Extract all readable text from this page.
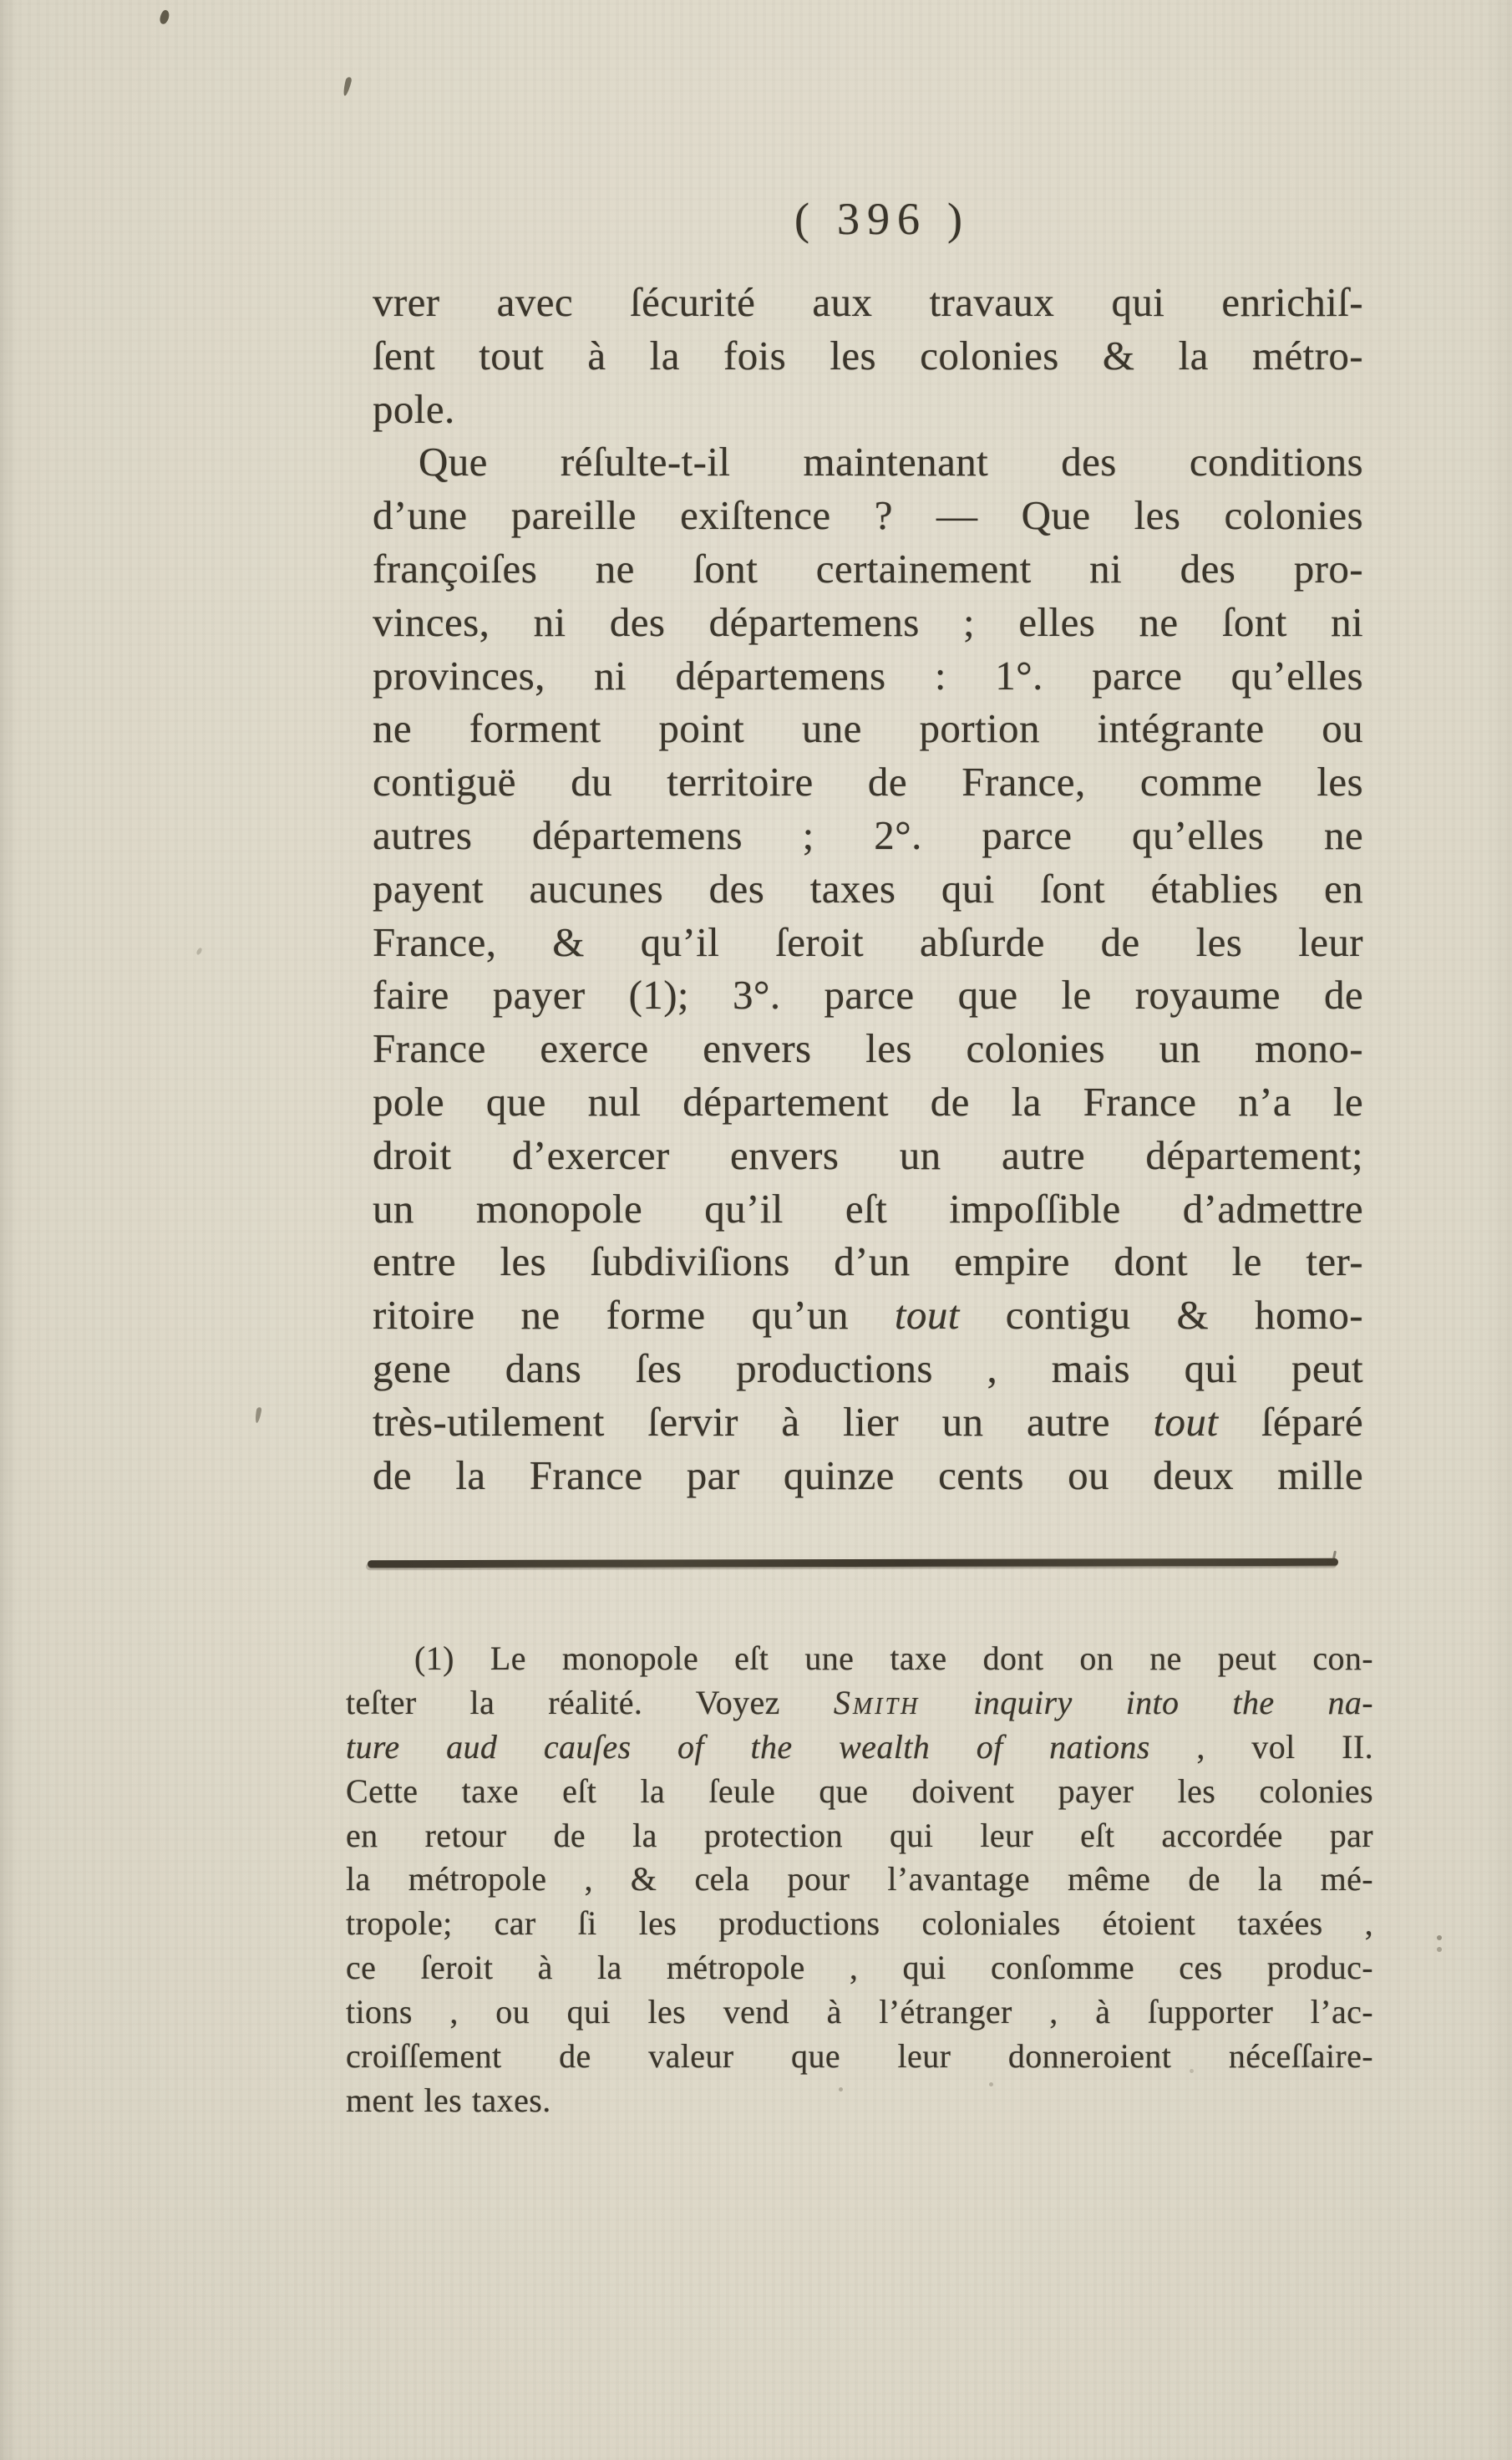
( 396 )
vrer avec ſécurité aux travaux qui enrichiſ-
ſent tout à la fois les colonies & la métro-
pole.
Que réſulte-t-il maintenant des conditions
d’une pareille exiſtence ? — Que les colonies
françoiſes ne ſont certainement ni des pro-
vinces, ni des départemens ; elles ne ſont ni
provinces, ni départemens : 1°. parce qu’elles
ne forment point une portion intégrante ou
contiguë du territoire de France, comme les
autres départemens ; 2°. parce qu’elles ne
payent aucunes des taxes qui ſont établies en
France, & qu’il ſeroit abſurde de les leur
faire payer (1); 3°. parce que le royaume de
France exerce envers les colonies un mono-
pole que nul département de la France n’a le
droit d’exercer envers un autre département;
un monopole qu’il eſt impoſſible d’admettre
entre les ſubdiviſions d’un empire dont le ter-
ritoire ne forme qu’un tout contigu & homo-
gene dans ſes productions , mais qui peut
très-utilement ſervir à lier un autre tout ſéparé
de la France par quinze cents ou deux mille
(1) Le monopole eſt une taxe dont on ne peut con-
teſter la réalité. Voyez Smith inquiry into the na-
ture aud cauſes of the wealth of nations , vol II.
Cette taxe eſt la ſeule que doivent payer les colonies
en retour de la protection qui leur eſt accordée par
la métropole , & cela pour l’avantage même de la mé-
tropole; car ſi les productions coloniales étoient taxées ,
ce ſeroit à la métropole , qui conſomme ces produc-
tions , ou qui les vend à l’étranger , à ſupporter l’ac-
croiſſement de valeur que leur donneroient néceſſaire-
ment les taxes.
